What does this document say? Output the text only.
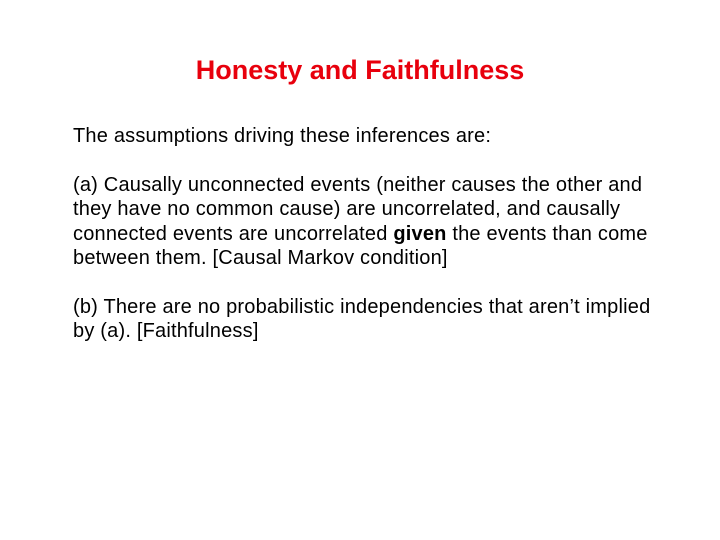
Honesty and Faithfulness

The assumptions driving these inferences are:

(a) Causally unconnected events (neither causes the other and they have no common cause) are uncorrelated, and causally connected events are uncorrelated given the events than come between them. [Causal Markov condition]

(b) There are no probabilistic independencies that aren’t implied by (a). [Faithfulness]
